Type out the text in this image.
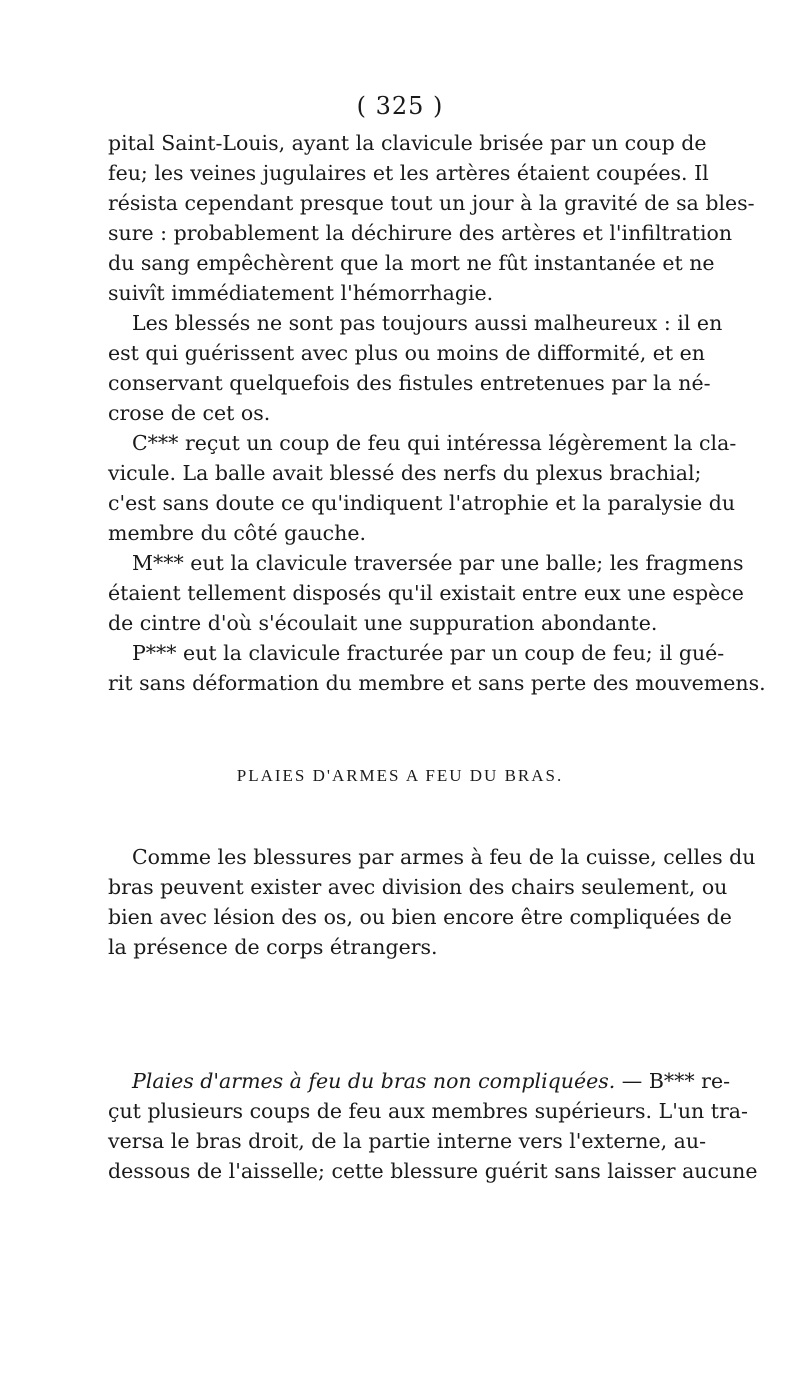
( 325 )
pital Saint-Louis, ayant la clavicule brisée par un coup de
feu; les veines jugulaires et les artères étaient coupées. Il
résista cependant presque tout un jour à la gravité de sa bles-
sure : probablement la déchirure des artères et l'infiltration
du sang empêchèrent que la mort ne fût instantanée et ne
suivît immédiatement l'hémorrhagie.
Les blessés ne sont pas toujours aussi malheureux : il en
est qui guérissent avec plus ou moins de difformité, et en
conservant quelquefois des fistules entretenues par la né-
crose de cet os.
C*** reçut un coup de feu qui intéressa légèrement la cla-
vicule. La balle avait blessé des nerfs du plexus brachial;
c'est sans doute ce qu'indiquent l'atrophie et la paralysie du
membre du côté gauche.
M*** eut la clavicule traversée par une balle; les fragmens
étaient tellement disposés qu'il existait entre eux une espèce
de cintre d'où s'écoulait une suppuration abondante.
P*** eut la clavicule fracturée par un coup de feu; il gué-
rit sans déformation du membre et sans perte des mouvemens.
PLAIES D'ARMES A FEU DU BRAS.
Comme les blessures par armes à feu de la cuisse, celles du
bras peuvent exister avec division des chairs seulement, ou
bien avec lésion des os, ou bien encore être compliquées de
la présence de corps étrangers.
Plaies d'armes à feu du bras non compliquées. — B*** re-
çut plusieurs coups de feu aux membres supérieurs. L'un tra-
versa le bras droit, de la partie interne vers l'externe, au-
dessous de l'aisselle; cette blessure guérit sans laisser aucune
